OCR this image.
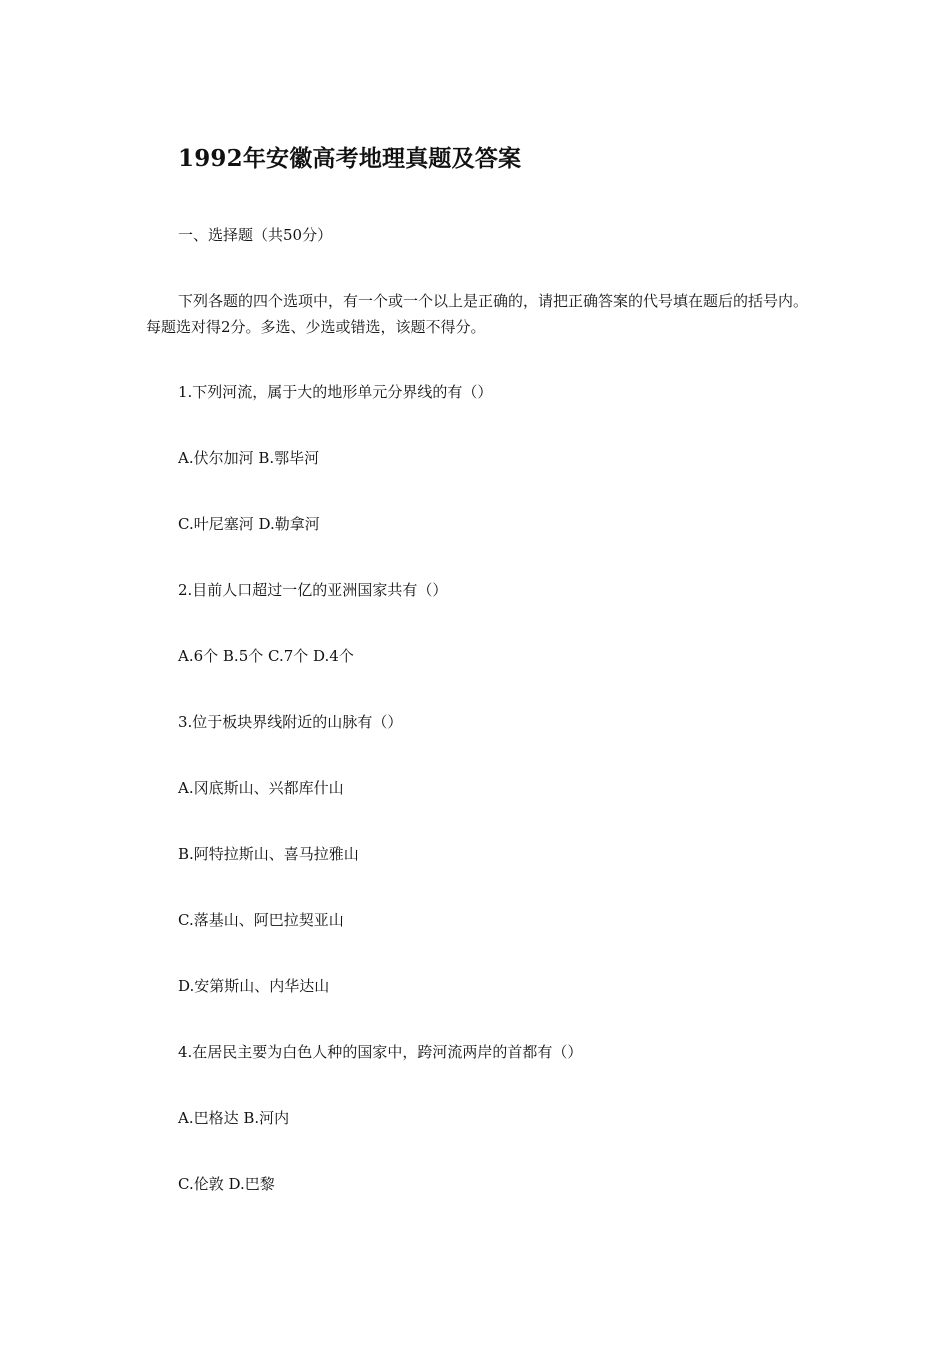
1992年安徽高考地理真题及答案
一、选择题（共50分）
下列各题的四个选项中，有一个或一个以上是正确的，请把正确答案的代号填在题后的括号内。每题选对得2分。多选、少选或错选，该题不得分。
1.下列河流，属于大的地形单元分界线的有（）
A.伏尔加河 B.鄂毕河
C.叶尼塞河 D.勒拿河
2.目前人口超过一亿的亚洲国家共有（）
A.6个 B.5个 C.7个 D.4个
3.位于板块界线附近的山脉有（）
A.冈底斯山、兴都库什山
B.阿特拉斯山、喜马拉雅山
C.落基山、阿巴拉契亚山
D.安第斯山、内华达山
4.在居民主要为白色人种的国家中，跨河流两岸的首都有（）
A.巴格达 B.河内
C.伦敦 D.巴黎
